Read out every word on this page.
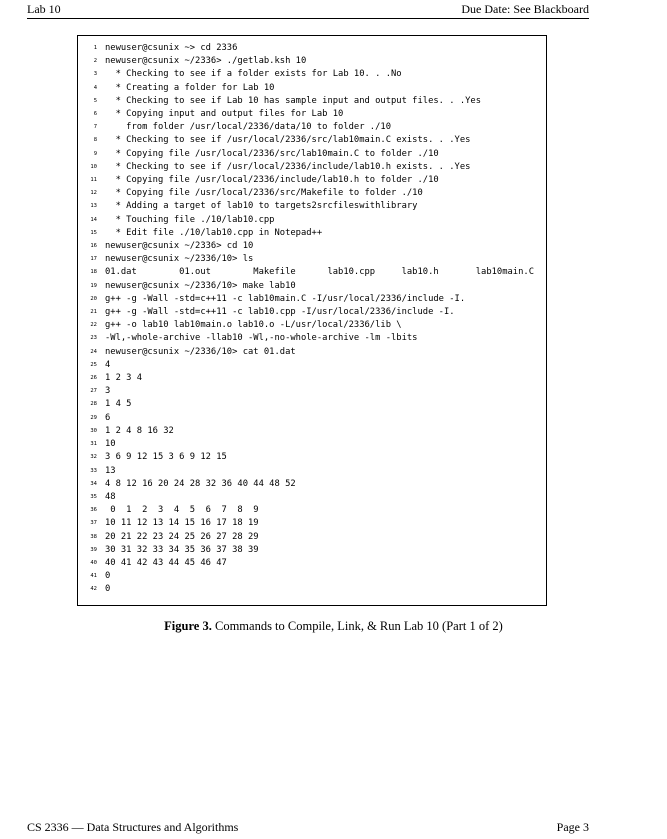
Lab 10	Due Date: See Blackboard
1 newuser@csunix ~> cd 2336
2 newuser@csunix ~/2336> ./getlab.ksh 10
3  * Checking to see if a folder exists for Lab 10. . .No
4  * Creating a folder for Lab 10
5  * Checking to see if Lab 10 has sample input and output files. . .Yes
6  * Copying input and output files for Lab 10
7    from folder /usr/local/2336/data/10 to folder ./10
8  * Checking to see if /usr/local/2336/src/lab10main.C exists. . .Yes
9  * Copying file /usr/local/2336/src/lab10main.C to folder ./10
10  * Checking to see if /usr/local/2336/include/lab10.h exists. . .Yes
11  * Copying file /usr/local/2336/include/lab10.h to folder ./10
12  * Copying file /usr/local/2336/src/Makefile to folder ./10
13  * Adding a target of lab10 to targets2srcfileswithlibrary
14  * Touching file ./10/lab10.cpp
15  * Edit file ./10/lab10.cpp in Notepad++
16 newuser@csunix ~/2336> cd 10
17 newuser@csunix ~/2336/10> ls
18 01.dat        01.out        Makefile      lab10.cpp     lab10.h       lab10main.C
19 newuser@csunix ~/2336/10> make lab10
20 g++ -g -Wall -std=c++11 -c lab10main.C -I/usr/local/2336/include -I.
21 g++ -g -Wall -std=c++11 -c lab10.cpp -I/usr/local/2336/include -I.
22 g++ -o lab10 lab10main.o lab10.o -L/usr/local/2336/lib \
23 -Wl,-whole-archive -llab10 -Wl,-no-whole-archive -lm -lbits
24 newuser@csunix ~/2336/10> cat 01.dat
25 4
26 1 2 3 4
27 3
28 1 4 5
29 6
30 1 2 4 8 16 32
31 10
32 3 6 9 12 15 3 6 9 12 15
33 13
34 4 8 12 16 20 24 28 32 36 40 44 48 52
35 48
36 0  1  2  3  4  5  6  7  8  9
37 10 11 12 13 14 15 16 17 18 19
38 20 21 22 23 24 25 26 27 28 29
39 30 31 32 33 34 35 36 37 38 39
40 40 41 42 43 44 45 46 47
41 0
42 0
Figure 3. Commands to Compile, Link, & Run Lab 10 (Part 1 of 2)
CS 2336 — Data Structures and Algorithms	Page 3
